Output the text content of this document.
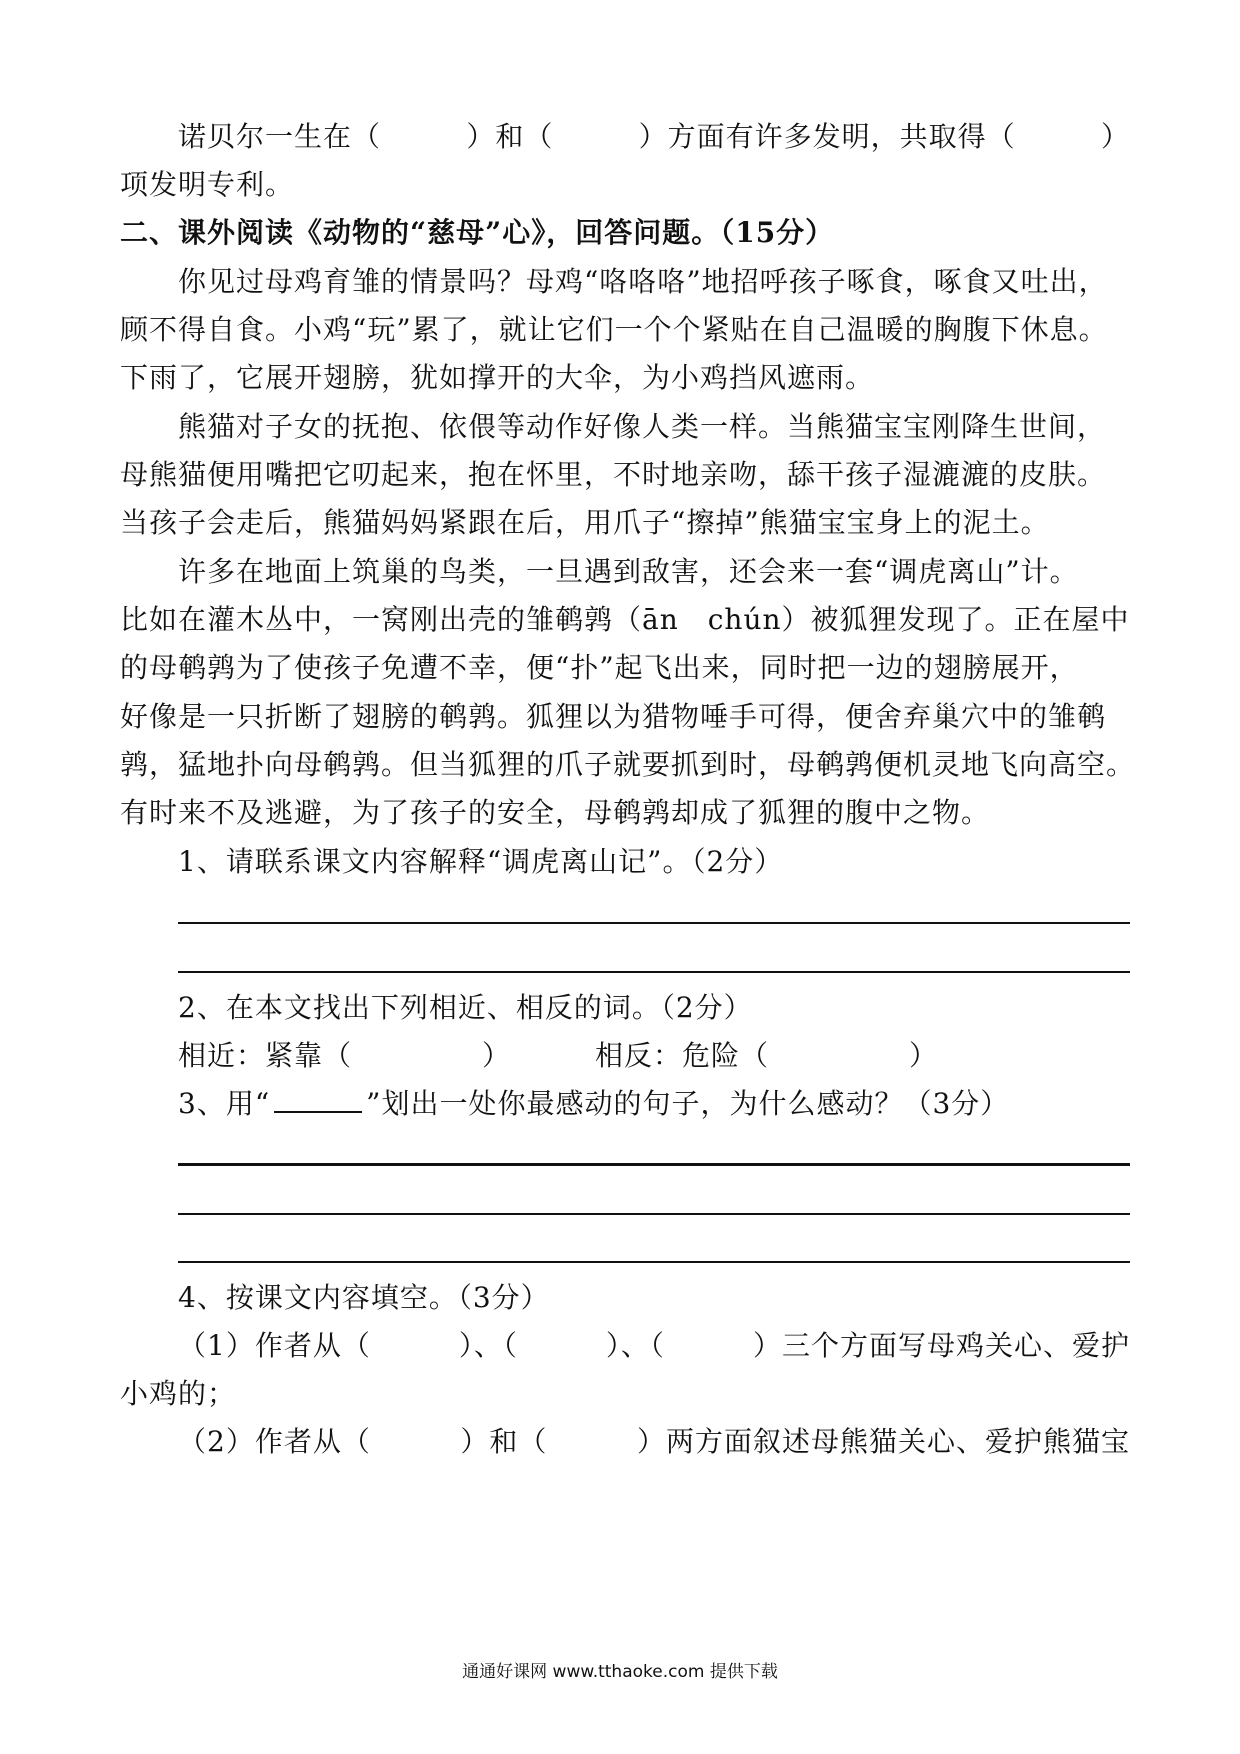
诺贝尔一生在（	）和（	）方面有许多发明，共取得（	）
项发明专利。
二、课外阅读《动物的“慈母”心》，回答问题。（15分）
你见过母鸡育雏的情景吗？母鸡“咯咯咯”地招呼孩子啄食，啄食又吐出，
顾不得自食。小鸡“玩”累了，就让它们一个个紧贴在自己温暖的胸腹下休息。
下雨了，它展开翅膀，犹如撑开的大伞，为小鸡挡风遮雨。
熊猫对子女的抚抱、依偎等动作好像人类一样。当熊猫宝宝刚降生世间，
母熊猫便用嘴把它叨起来，抱在怀里，不时地亲吻，舔干孩子湿漉漉的皮肤。
当孩子会走后，熊猫妈妈紧跟在后，用爪子“擦掉”熊猫宝宝身上的泥土。
许多在地面上筑巢的鸟类，一旦遇到敌害，还会来一套“调虎离山”计。
比如在灌木丛中，一窝刚出壳的雏鹌鹑（ān　chún）被狐狸发现了。正在屋中
的母鹌鹑为了使孩子免遭不幸，便“扑”起飞出来，同时把一边的翅膀展开，
好像是一只折断了翅膀的鹌鹑。狐狸以为猎物唾手可得，便舍弃巢穴中的雏鹌
鹑，猛地扑向母鹌鹑。但当狐狸的爪子就要抓到时，母鹌鹑便机灵地飞向高空。
有时来不及逃避，为了孩子的安全，母鹌鹑却成了狐狸的腹中之物。
1、请联系课文内容解释“调虎离山记”。（2分）
2、在本文找出下列相近、相反的词。（2分）
相近：紧靠（	）	相反：危险（	）
3、用“	”划出一处你最感动的句子，为什么感动？（3分）
4、按课文内容填空。（3分）
（1）作者从（	）、（	）、（	）三个方面写母鸡关心、爱护
小鸡的；
（2）作者从（	）和（	）两方面叙述母熊猫关心、爱护熊猫宝
通通好课网 www.tthaoke.com 提供下载
